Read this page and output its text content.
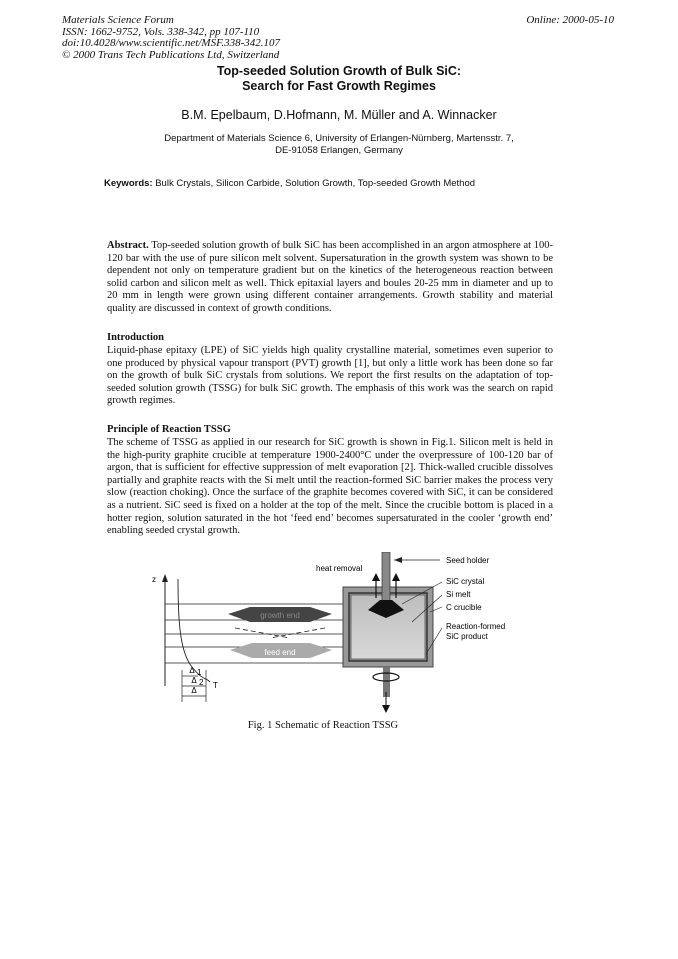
Materials Science Forum
ISSN: 1662-9752, Vols. 338-342, pp 107-110
doi:10.4028/www.scientific.net/MSF.338-342.107
© 2000 Trans Tech Publications Ltd, Switzerland
Online: 2000-05-10
Top-seeded Solution Growth of Bulk SiC:
Search for Fast Growth Regimes
B.M. Epelbaum, D.Hofmann, M. Müller and A. Winnacker
Department of Materials Science 6, University of Erlangen-Nürnberg, Martensstr. 7,
DE-91058 Erlangen, Germany
Keywords: Bulk Crystals, Silicon Carbide, Solution Growth, Top-seeded Growth Method
Abstract. Top-seeded solution growth of bulk SiC has been accomplished in an argon atmosphere at 100-120 bar with the use of pure silicon melt solvent. Supersaturation in the growth system was shown to be dependent not only on temperature gradient but on the kinetics of the heterogeneous reaction between solid carbon and silicon melt as well. Thick epitaxial layers and boules 20-25 mm in diameter and up to 20 mm in length were grown using different container arrangements. Growth stability and material quality are discussed in context of growth conditions.
Introduction
Liquid-phase epitaxy (LPE) of SiC yields high quality crystalline material, sometimes even superior to one produced by physical vapour transport (PVT) growth [1], but only a little work has been done so far on the growth of bulk SiC crystals from solutions. We report the first results on the adaptation of top-seeded solution growth (TSSG) for bulk SiC growth. The emphasis of this work was the search on rapid growth regimes.
Principle of Reaction TSSG
The scheme of TSSG as applied in our research for SiC growth is shown in Fig.1. Silicon melt is held in the high-purity graphite crucible at temperature 1900-2400°C under the overpressure of 100-120 bar of argon, that is sufficient for effective suppression of melt evaporation [2]. Thick-walled crucible dissolves partially and graphite reacts with the Si melt until the reaction-formed SiC barrier makes the process very slow (reaction choking). Once the surface of the graphite becomes covered with SiC, it can be considered as a nutrient. SiC seed is fixed on a holder at the top of the melt. Since the crucible bottom is placed in a hotter region, solution saturated in the hot ‘feed end’ becomes supersaturated in the cooler ‘growth end’ enabling seeded crystal growth.
z
growth end
feed end
Δ 1
Δ 2
Δ
T
heat removal
Seed holder
SiC crystal
Si melt
C crucible
Reaction-formed
SiC product
Fig. 1 Schematic of Reaction TSSG
